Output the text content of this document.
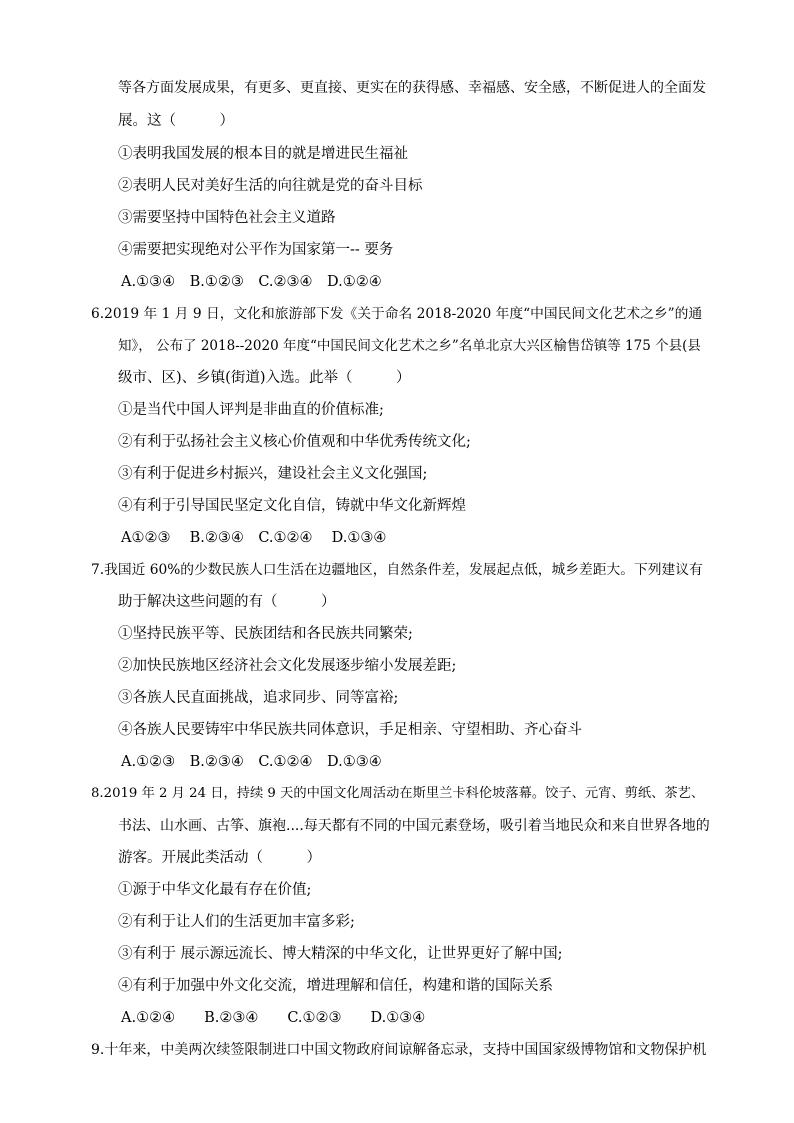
等各方面发展成果，有更多、更直接、更实在的获得感、幸福感、安全感，不断促进人的全面发
展。这（　　　）
①表明我国发展的根本目的就是增进民生福祉
②表明人民对美好生活的向往就是党的奋斗目标
③需要坚持中国特色社会主义道路
④需要把实现绝对公平作为国家第一-- 要务
A.①③④　B.①②③　C.②③④　D.①②④
6.2019 年 1 月 9 日，文化和旅游部下发《关于命名 2018-2020 年度“中国民间文化艺术之乡”的通
知》， 公布了 2018--2020 年度“中国民间文化艺术之乡”名单北京大兴区榆售岱镇等 175 个县(县
级市、区)、乡镇(街道)入选。此举（　　　）
①是当代中国人评判是非曲直的价值标准;
②有利于弘扬社会主义核心价值观和中华优秀传统文化;
③有利于促进乡村振兴，建设社会主义文化强国;
④有利于引导国民坚定文化自信，铸就中华文化新辉煌
A①②③　 B.②③④　C.①②④　 D.①③④
7.我国近 60%的少数民族人口生活在边疆地区，自然条件差，发展起点低，城乡差距大。下列建议有
助于解决这些问题的有（　　　）
①坚持民族平等、民族团结和各民族共同繁荣;
②加快民族地区经济社会文化发展逐步缩小发展差距;
③各族人民直面挑战，追求同步、同等富裕;
④各族人民要铸牢中华民族共同体意识，手足相亲、守望相助、齐心奋斗
A.①②③　B.②③④　C.①②④　D.①③④
8.2019 年 2 月 24 日，持续 9 天的中国文化周活动在斯里兰卡科伦坡落幕。饺子、元宵、剪纸、茶艺、
书法、山水画、古筝、旗袍....每天都有不同的中国元素登场，吸引着当地民众和来自世界各地的
游客。开展此类活动（　　　）
①源于中华文化最有存在价值;
②有利于让人们的生活更加丰富多彩;
③有利于 展示源远流长、博大精深的中华文化，让世界更好了解中国;
④有利于加强中外文化交流，增进理解和信任，构建和谐的国际关系
A.①②④　　B.②③④　　C.①②③　　D.①③④
9.十年来，中美两次续签限制进口中国文物政府间谅解备忘录，支持中国国家级博物馆和文物保护机
